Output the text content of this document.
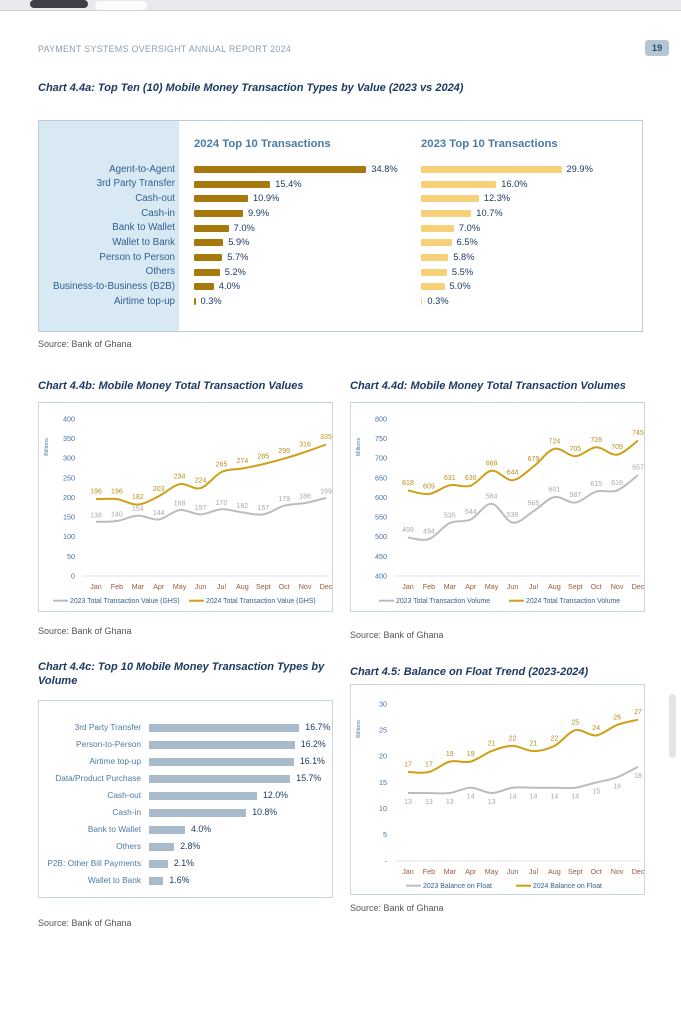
PAYMENT SYSTEMS OVERSIGHT ANNUAL REPORT 2024	19
Chart 4.4a: Top Ten (10) Mobile Money Transaction Types by Value (2023 vs 2024)
2024 Top 10 Transactions	2023 Top 10 Transactions
Agent-to-Agent	34.8%	29.9%
3rd Party Transfer	15.4%	16.0%
Cash-out	10.9%	12.3%
Cash-in	9.9%	10.7%
Bank to Wallet	7.0%	7.0%
Wallet to Bank	5.9%	6.5%
Person to Person	5.7%	5.8%
Others	5.2%	5.5%
Business-to-Business (B2B)	4.0%	5.0%
Airtime top-up	0.3%	0.3%
Source: Bank of Ghana
Chart 4.4b: Mobile Money Total Transaction Values	Chart 4.4d: Mobile Money Total Transaction Volumes
Billions
400
350
300
250
200
150
100
50
0
Jan Feb Mar Apr May Jun Jul Aug Sept Oct Nov Dec
138 140
154
144
168
157
170 162 157
179 186
199
196 196
182
203
234
224
265 274
285
299
316
335
2023 Total Transaction Value (GHS)	2024 Total Transaction Value (GHS)
Millions
800
750
700
650
600
550
500
450
400
Jan Feb Mar Apr May Jun Jul Aug Sept Oct Nov Dec
498 494
535 544
584
536
565
601
587
615 618
657
618
609
631 630
668
644
679
724
705
728
709
745
2023 Total Transaction Volume	2024 Total Transaction Volume
Source: Bank of Ghana	Source: Bank of Ghana
Chart 4.4c: Top 10 Mobile Money Transaction Types by Volume
Chart 4.5: Balance on Float Trend (2023-2024)
3rd Party Transfer	16.7%
Person-to-Person	16.2%
Airtime top-up	16.1%
Data/Product Purchase	15.7%
Cash-out	12.0%
Cash-in	10.8%
Bank to Wallet	4.0%
Others	2.8%
P2B: Other Bill Payments	2.1%
Wallet to Bank	1.6%
Billions
30
25
20
15
10
5
-
Jan Feb Mar Apr May Jun Jul Aug Sept Oct Nov Dec
13 13 13
14
13
14 14 14 14
15
16
18
17 17
19 19
21
22
21
22
25
24
26
27
2023 Balance on Float	2024 Balance on Float
Source: Bank of Ghana
Source: Bank of Ghana
